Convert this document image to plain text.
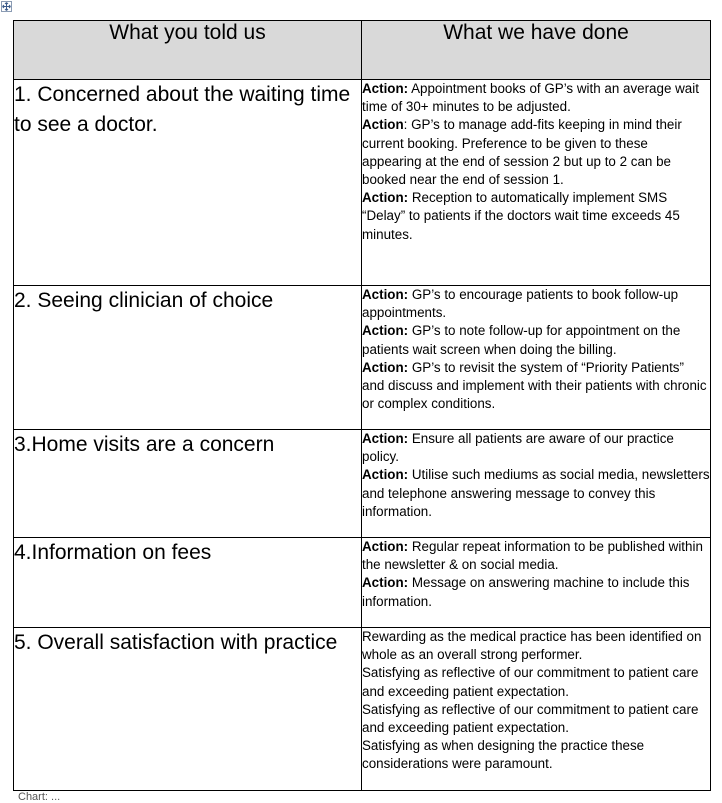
What you told us	What we have done
1. Concerned about the waiting time to see a doctor.	Action: Appointment books of GP’s with an average wait time of 30+ minutes to be adjusted.
Action: GP’s to manage add-fits keeping in mind their current booking. Preference to be given to these appearing at the end of session 2 but up to 2 can be booked near the end of session 1.
Action: Reception to automatically implement SMS “Delay” to patients if the doctors wait time exceeds 45 minutes.

2. Seeing clinician of choice	Action: GP’s to encourage patients to book follow-up appointments.
Action: GP’s to note follow-up for appointment on the patients wait screen when doing the billing.
Action: GP’s to revisit the system of “Priority Patients” and discuss and implement with their patients with chronic or complex conditions.

3.Home visits are a concern	Action: Ensure all patients are aware of our practice policy.
Action: Utilise such mediums as social media, newsletters and telephone answering message to convey this information.

4.Information on fees	Action: Regular repeat information to be published within the newsletter & on social media.
Action: Message on answering machine to include this information.

5. Overall satisfaction with practice	Rewarding as the medical practice has been identified on whole as an overall strong performer.
Satisfying as reflective of our commitment to patient care and exceeding patient expectation.
Satisfying as reflective of our commitment to patient care and exceeding patient expectation.
Satisfying as when designing the practice these considerations were paramount.
Chart: ...
